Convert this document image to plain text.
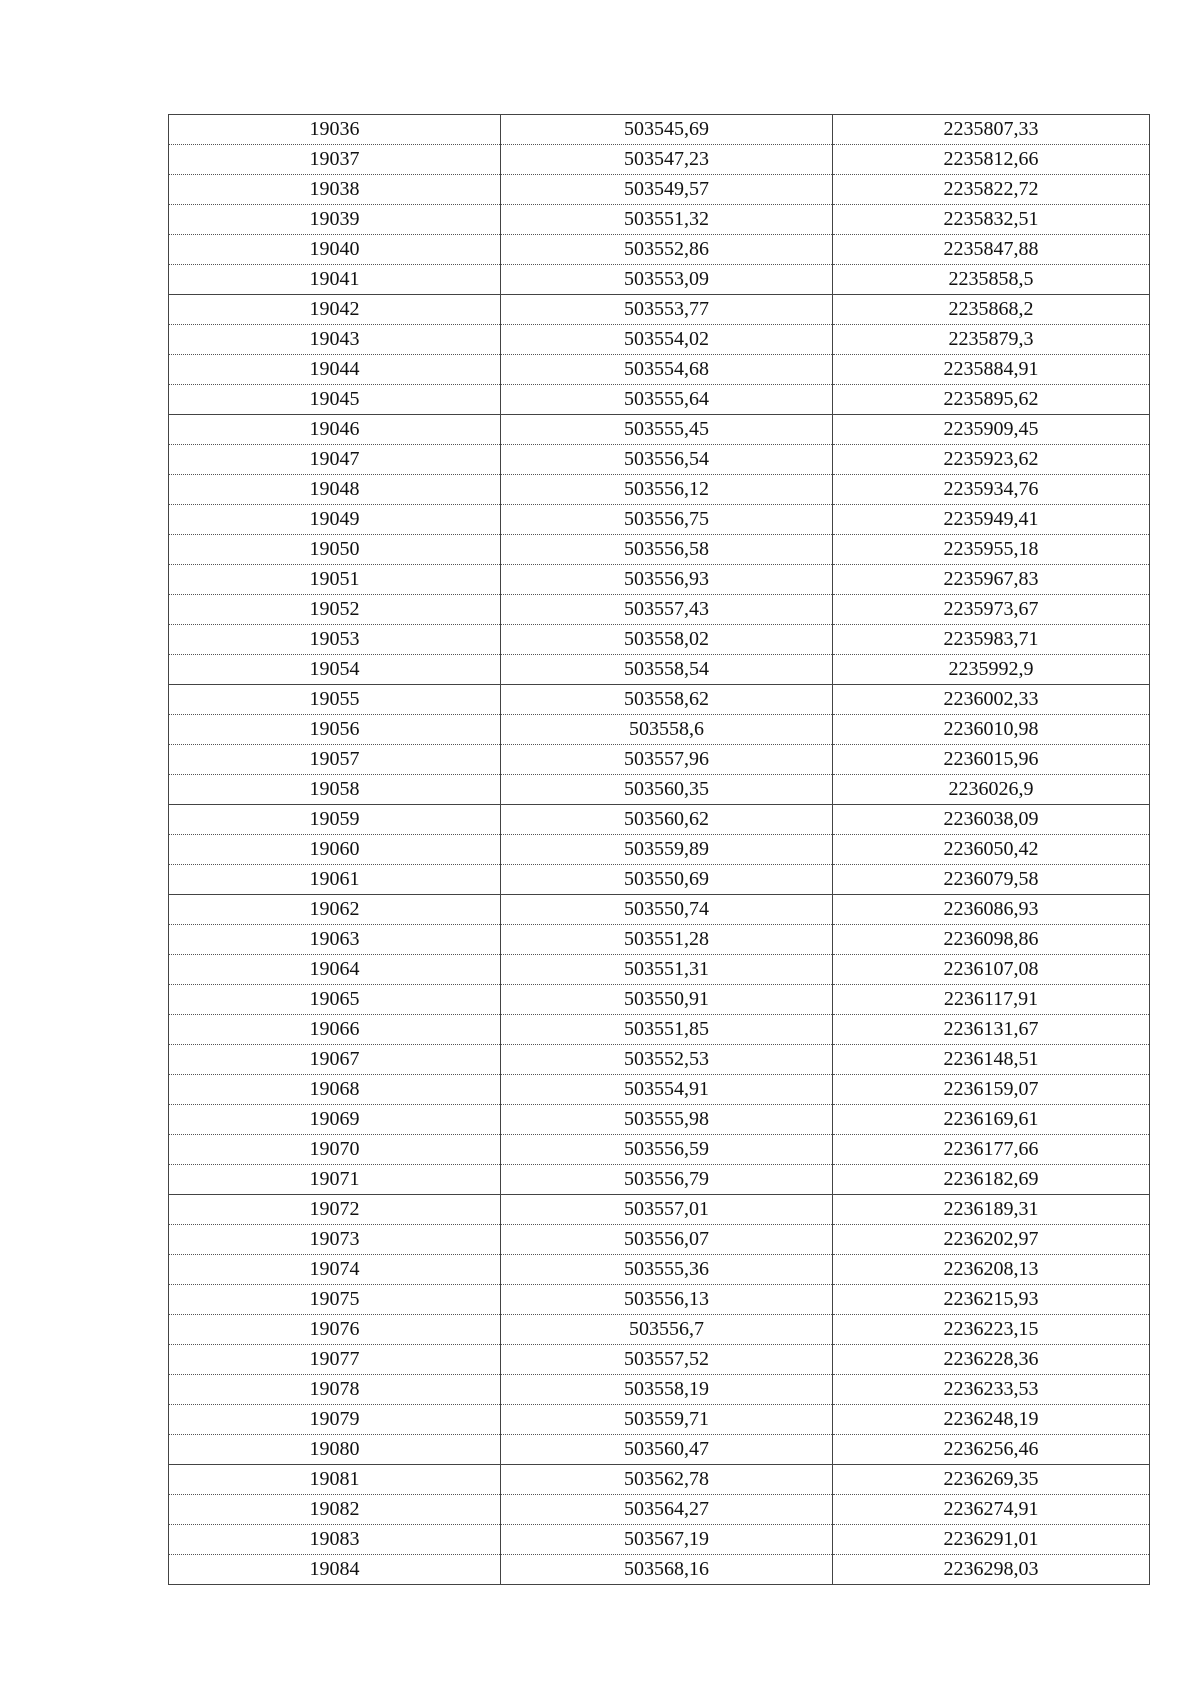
19036	503545,69	2235807,33
19037	503547,23	2235812,66
19038	503549,57	2235822,72
19039	503551,32	2235832,51
19040	503552,86	2235847,88
19041	503553,09	2235858,5
19042	503553,77	2235868,2
19043	503554,02	2235879,3
19044	503554,68	2235884,91
19045	503555,64	2235895,62
19046	503555,45	2235909,45
19047	503556,54	2235923,62
19048	503556,12	2235934,76
19049	503556,75	2235949,41
19050	503556,58	2235955,18
19051	503556,93	2235967,83
19052	503557,43	2235973,67
19053	503558,02	2235983,71
19054	503558,54	2235992,9
19055	503558,62	2236002,33
19056	503558,6	2236010,98
19057	503557,96	2236015,96
19058	503560,35	2236026,9
19059	503560,62	2236038,09
19060	503559,89	2236050,42
19061	503550,69	2236079,58
19062	503550,74	2236086,93
19063	503551,28	2236098,86
19064	503551,31	2236107,08
19065	503550,91	2236117,91
19066	503551,85	2236131,67
19067	503552,53	2236148,51
19068	503554,91	2236159,07
19069	503555,98	2236169,61
19070	503556,59	2236177,66
19071	503556,79	2236182,69
19072	503557,01	2236189,31
19073	503556,07	2236202,97
19074	503555,36	2236208,13
19075	503556,13	2236215,93
19076	503556,7	2236223,15
19077	503557,52	2236228,36
19078	503558,19	2236233,53
19079	503559,71	2236248,19
19080	503560,47	2236256,46
19081	503562,78	2236269,35
19082	503564,27	2236274,91
19083	503567,19	2236291,01
19084	503568,16	2236298,03
